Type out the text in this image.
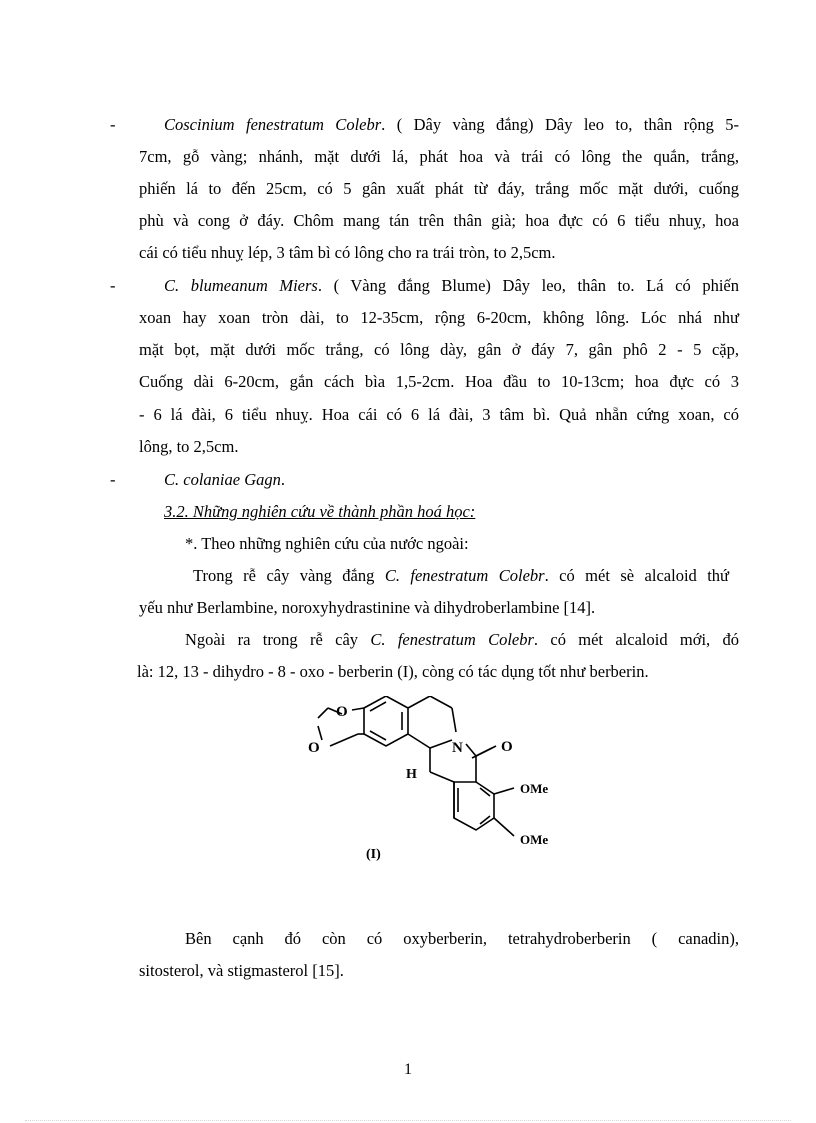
-
-
-
Coscinium fenestratum Colebr. ( Dây vàng đắng) Dây leo to, thân rộng 5-
7cm, gỗ vàng; nhánh, mặt dưới lá, phát hoa và trái có lông the quắn, trắng,
phiến lá to đến 25cm, có 5 gân xuất phát từ đáy, trắng mốc mặt dưới, cuống
phù và cong ở đáy. Chôm mang tán trên thân già; hoa đực có 6 tiểu nhuỵ, hoa
cái có tiểu nhuỵ lép, 3 tâm bì có lông cho ra trái tròn, to 2,5cm.
C. blumeanum Miers. ( Vàng đắng Blume) Dây leo, thân to. Lá có phiến
xoan hay xoan tròn dài, to 12-35cm, rộng 6-20cm, không lông. Lóc nhá như
mặt bọt, mặt dưới mốc trắng, có lông dày, gân ở đáy 7, gân phô 2 - 5 cặp,
Cuống dài 6-20cm, gắn cách bìa 1,5-2cm. Hoa đầu to 10-13cm; hoa đực có 3
- 6 lá đài, 6 tiểu nhuỵ. Hoa cái có 6 lá đài, 3 tâm bì. Quả nhẵn cứng xoan, có
lông, to 2,5cm.
C. colaniae Gagn.
3.2. Những nghiên cứu về thành phần hoá học:
*. Theo những nghiên cứu của nước ngoài:
Trong rễ cây vàng đắng C. fenestratum Colebr. có mét sè alcaloid thứ
yếu như Berlambine, noroxyhydrastinine và dihydroberlambine [14].
Ngoài ra trong rễ cây C. fenestratum Colebr. có mét alcaloid mới, đó
là: 12, 13 - dihydro - 8 - oxo - berberin (I), còng có tác dụng tốt như berberin.
O
O	N	O
H
OMe
OMe
(I)
Bên cạnh đó còn có oxyberberin, tetrahydroberberin ( canadin),
sitosterol, và stigmasterol [15].
1
